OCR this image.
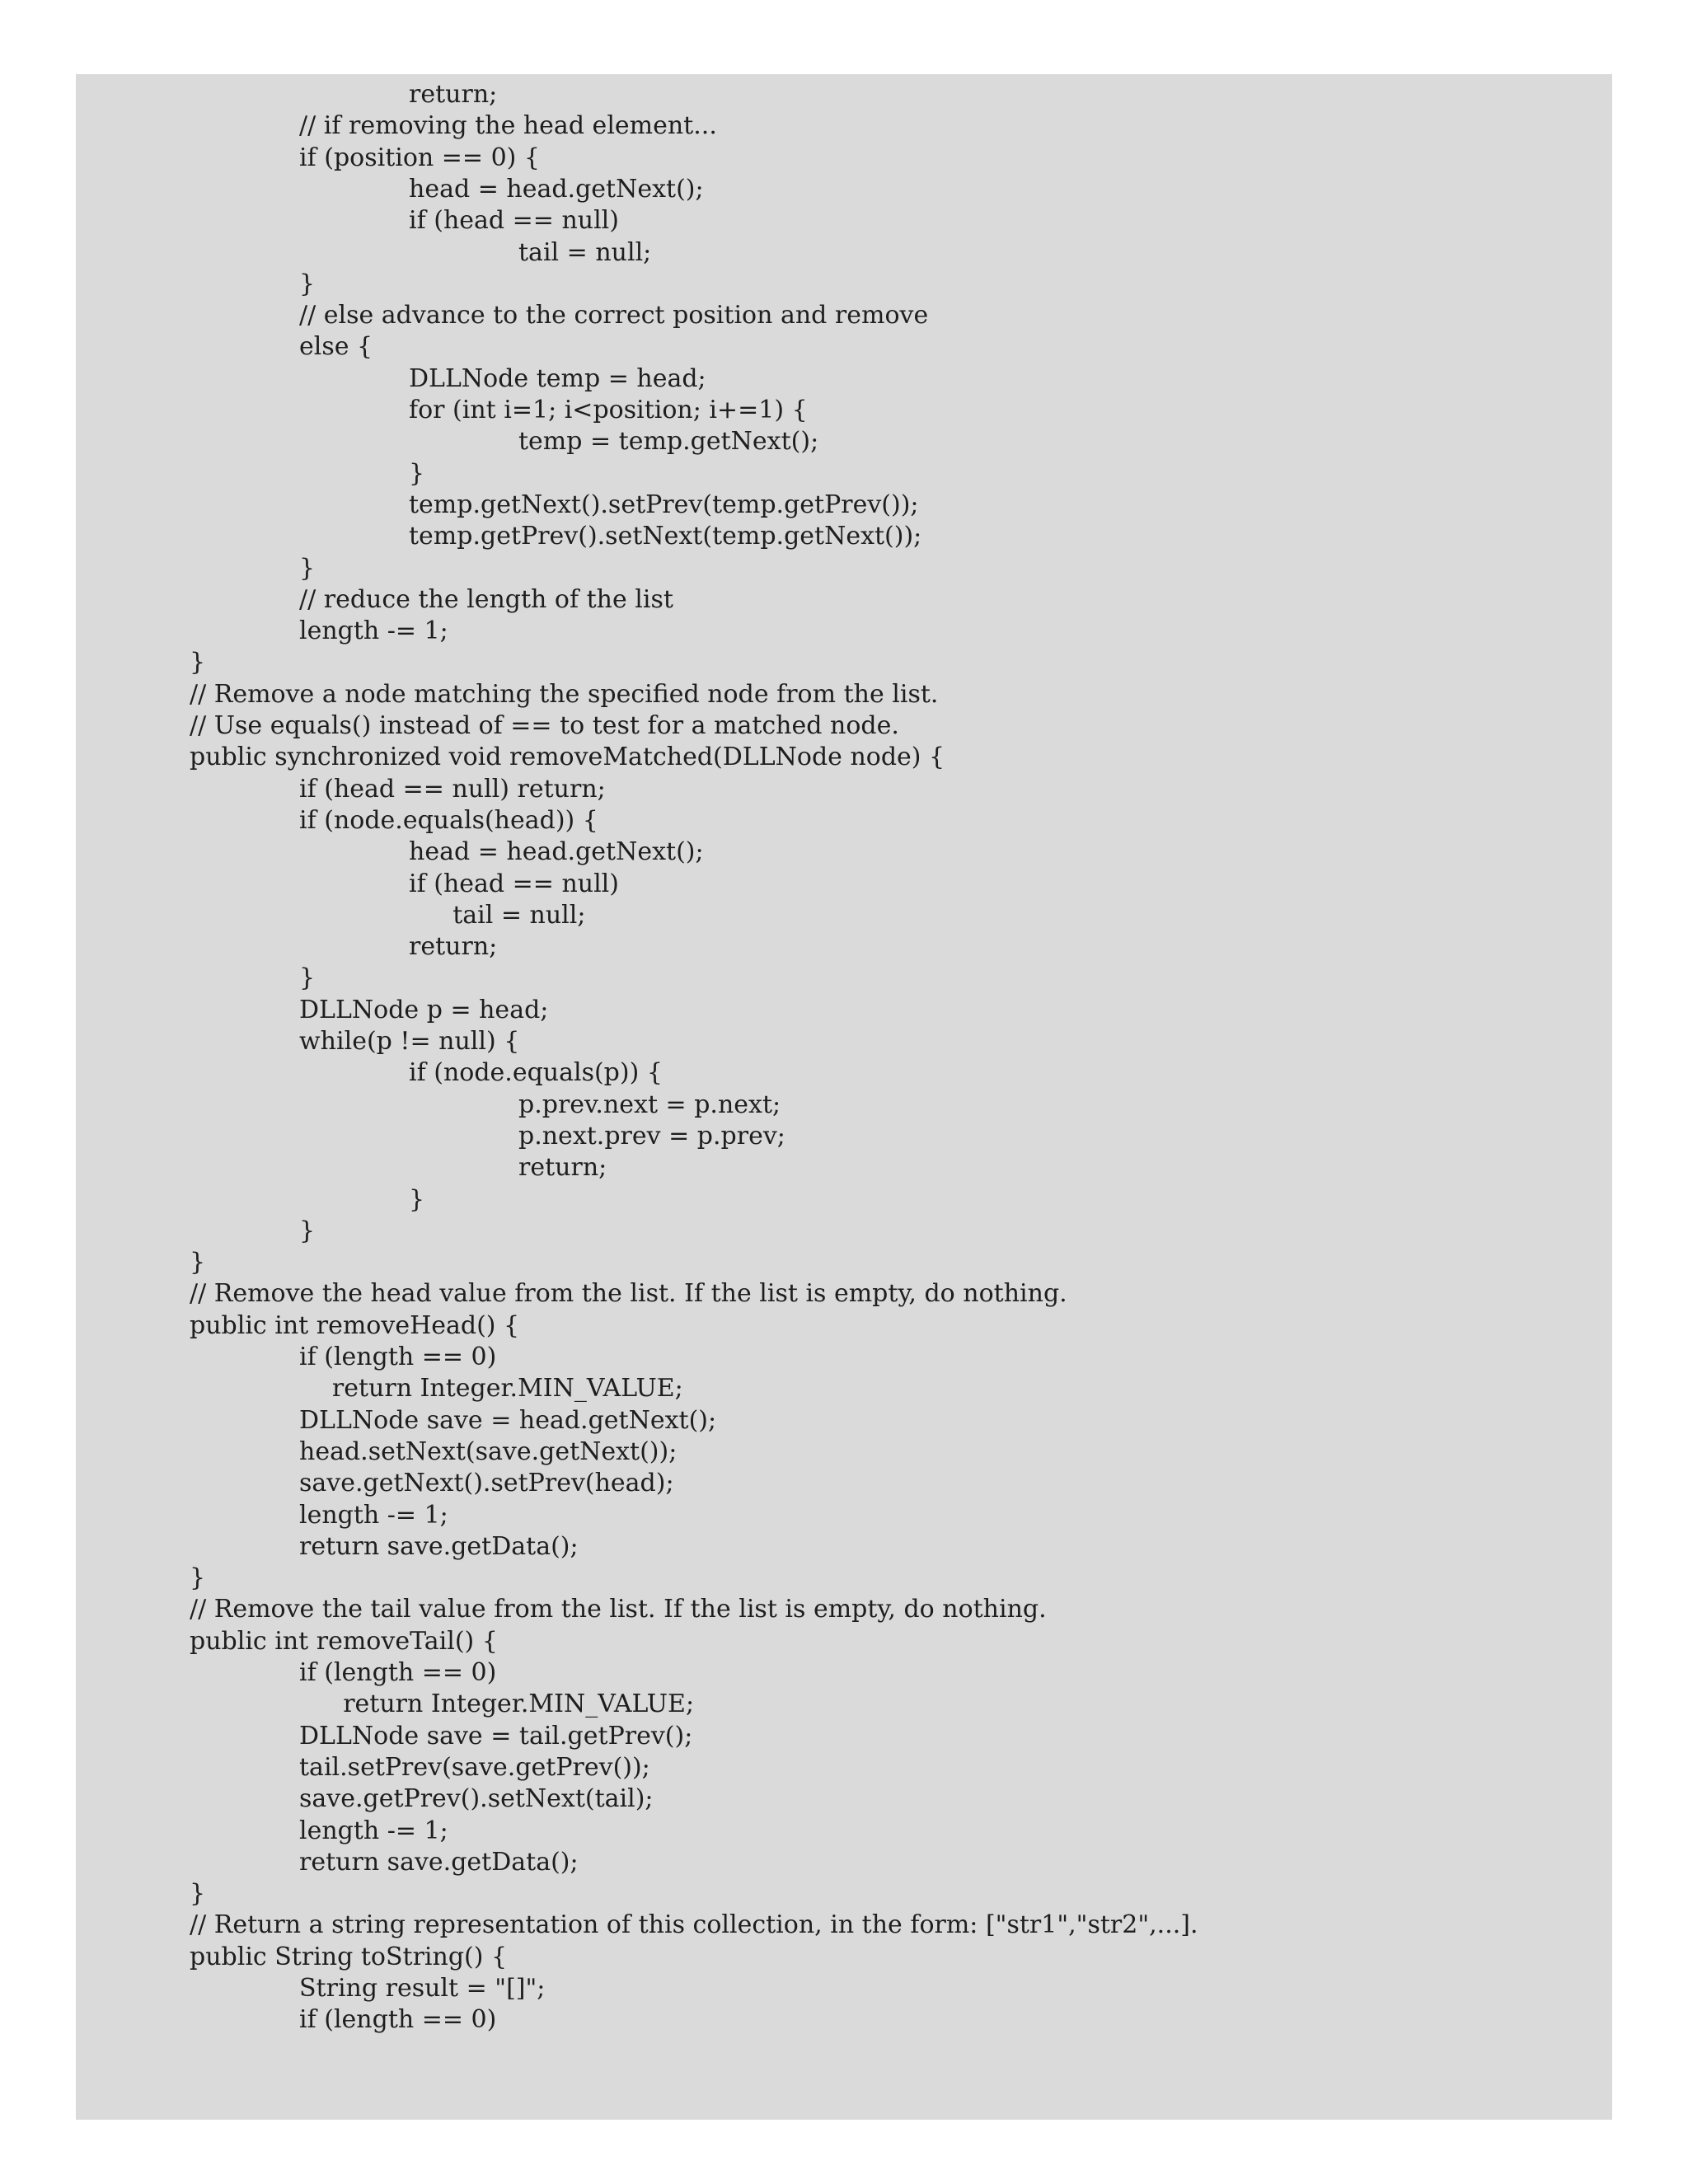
return;
// if removing the head element...
if (position == 0) {
head = head.getNext();
if (head == null)
tail = null;
}
// else advance to the correct position and remove
else {
DLLNode temp = head;
for (int i=1; i<position; i+=1) {
temp = temp.getNext();
}
temp.getNext().setPrev(temp.getPrev());
temp.getPrev().setNext(temp.getNext());
}
// reduce the length of the list
length -= 1;
}
// Remove a node matching the specified node from the list.
// Use equals() instead of == to test for a matched node.
public synchronized void removeMatched(DLLNode node) {
if (head == null) return;
if (node.equals(head)) {
head = head.getNext();
if (head == null)
tail = null;
return;
}
DLLNode p = head;
while(p != null) {
if (node.equals(p)) {
p.prev.next = p.next;
p.next.prev = p.prev;
return;
}
}
}
// Remove the head value from the list. If the list is empty, do nothing.
public int removeHead() {
if (length == 0)
return Integer.MIN_VALUE;
DLLNode save = head.getNext();
head.setNext(save.getNext());
save.getNext().setPrev(head);
length -= 1;
return save.getData();
}
// Remove the tail value from the list. If the list is empty, do nothing.
public int removeTail() {
if (length == 0)
return Integer.MIN_VALUE;
DLLNode save = tail.getPrev();
tail.setPrev(save.getPrev());
save.getPrev().setNext(tail);
length -= 1;
return save.getData();
}
// Return a string representation of this collection, in the form: ["str1","str2",...].
public String toString() {
String result = "[]";
if (length == 0)
